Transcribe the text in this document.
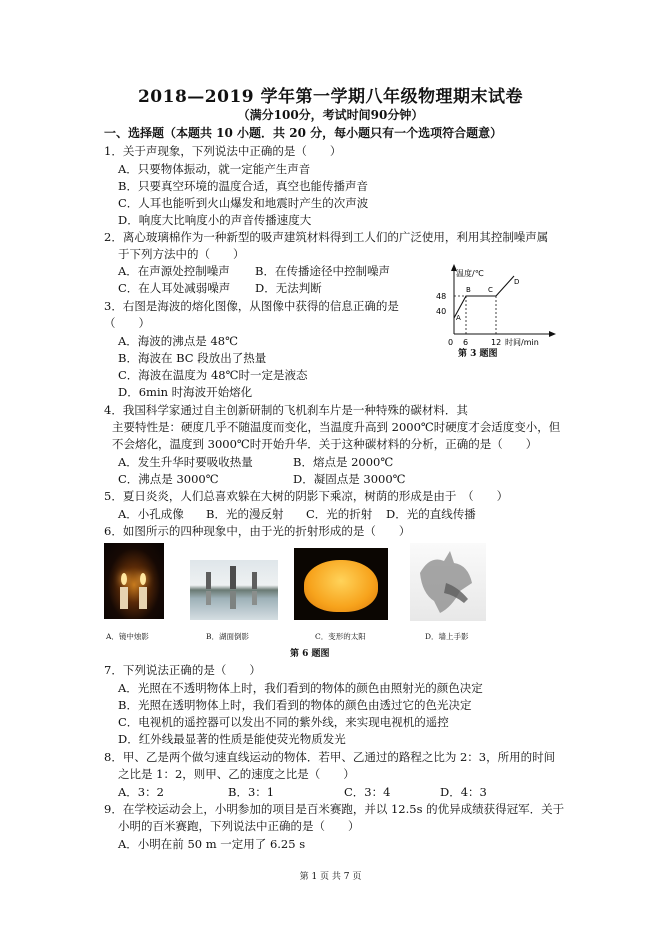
2018—2019 学年第一学期八年级物理期末试卷
（满分100分，考试时间90分钟）
一、选择题（本题共 10 小题．共 20 分，每小题只有一个选项符合题意）
1．关于声现象，下列说法中正确的是（　　）
A．只要物体振动，就一定能产生声音
B．只要真空环境的温度合适，真空也能传播声音
C．人耳也能听到火山爆发和地震时产生的次声波
D．响度大比响度小的声音传播速度大
2．离心玻璃棉作为一种新型的吸声建筑材料得到工人们的广泛使用，利用其控制噪声属
于下列方法中的（　　）
A．在声源处控制噪声 B．在传播途径中控制噪声
C．在人耳处减弱噪声 D．无法判断
3．右图是海波的熔化图像，从图像中获得的信息正确的是
（　　）
A．海波的沸点是 48℃
B．海波在 BC 段放出了热量
C．海波在温度为 48℃时一定是液态
D．6min 时海波开始熔化
温度/℃
48
40
0 6	12 时间/min
A
B C
D
第 3 题图
4．我国科学家通过自主创新研制的飞机刹车片是一种特殊的碳材料．其
主要特性是：硬度几乎不随温度而变化，当温度升高到 2000℃时硬度才会适度变小，但
不会熔化，温度到 3000℃时开始升华．关于这种碳材料的分析，正确的是（　　）
A．发生升华时要吸收热量	B．熔点是 2000℃
C．沸点是 3000℃	D．凝固点是 3000℃
5．夏日炎炎，人们总喜欢躲在大树的阴影下乘凉，树荫的形成是由于　（　　）
A．小孔成像 B．光的漫反射 C．光的折射 D．光的直线传播
6．如图所示的四种现象中，由于光的折射形成的是（　　）
A．镜中烛影	B．湖面倒影	C．变形的太阳	D．墙上手影
第 6 题图
7．下列说法正确的是（　　）
A．光照在不透明物体上时，我们看到的物体的颜色由照射光的颜色决定
B．光照在透明物体上时，我们看到的物体的颜色由透过它的色光决定
C．电视机的遥控器可以发出不同的紫外线，来实现电视机的遥控
D．红外线最显著的性质是能使荧光物质发光
8．甲、乙是两个做匀速直线运动的物体．若甲、乙通过的路程之比为 2：3，所用的时间
之比是 1：2，则甲、乙的速度之比是（　　）
A．3：2	B．3：1	C．3：4	D．4：3
9．在学校运动会上，小明参加的项目是百米赛跑，并以 12.5s 的优异成绩获得冠军．关于
小明的百米赛跑，下列说法中正确的是（　　）
A．小明在前 50 m 一定用了 6.25 s
第 1 页 共 7 页
